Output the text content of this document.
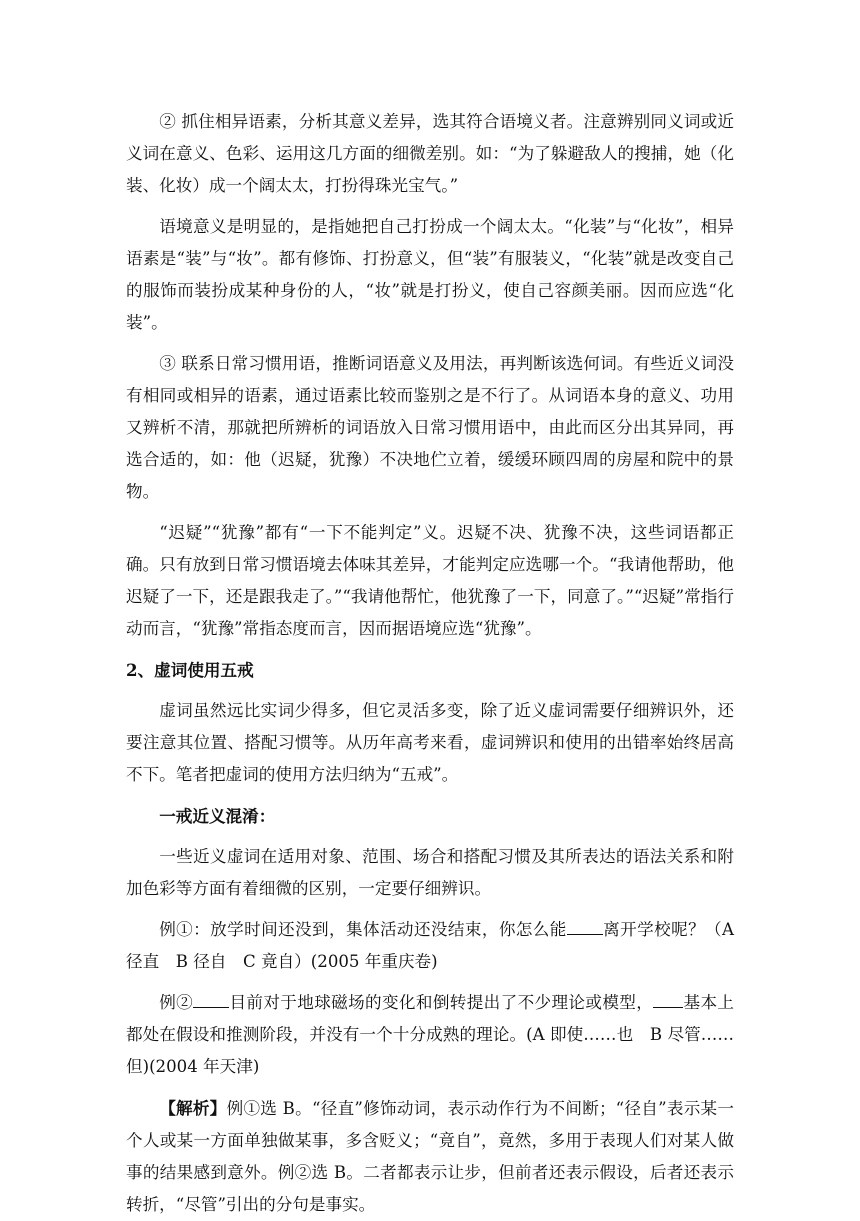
② 抓住相异语素，分析其意义差异，选其符合语境义者。注意辨别同义词或近义词在意义、色彩、运用这几方面的细微差别。如：“为了躲避敌人的搜捕，她（化装、化妆）成一个阔太太，打扮得珠光宝气。”

语境意义是明显的，是指她把自己打扮成一个阔太太。“化装”与“化妆”，相异语素是“装”与“妆”。都有修饰、打扮意义，但“装”有服装义，“化装”就是改变自己的服饰而装扮成某种身份的人，“妆”就是打扮义，使自己容颜美丽。因而应选“化装”。

③ 联系日常习惯用语，推断词语意义及用法，再判断该选何词。有些近义词没有相同或相异的语素，通过语素比较而鉴别之是不行了。从词语本身的意义、功用又辨析不清，那就把所辨析的词语放入日常习惯用语中，由此而区分出其异同，再选合适的，如：他（迟疑，犹豫）不决地伫立着，缓缓环顾四周的房屋和院中的景物。

“迟疑”“犹豫”都有“一下不能判定”义。迟疑不决、犹豫不决，这些词语都正确。只有放到日常习惯语境去体味其差异，才能判定应选哪一个。“我请他帮助，他迟疑了一下，还是跟我走了。”“我请他帮忙，他犹豫了一下，同意了。”“迟疑”常指行动而言，“犹豫”常指态度而言，因而据语境应选“犹豫”。

2、虚词使用五戒

虚词虽然远比实词少得多，但它灵活多变，除了近义虚词需要仔细辨识外，还要注意其位置、搭配习惯等。从历年高考来看，虚词辨识和使用的出错率始终居高不下。笔者把虚词的使用方法归纳为“五戒”。

一戒近义混淆：

一些近义虚词在适用对象、范围、场合和搭配习惯及其所表达的语法关系和附加色彩等方面有着细微的区别，一定要仔细辨识。

例①：放学时间还没到，集体活动还没结束，你怎么能 离开学校呢？（A 径直　B 径自　C 竟自）(2005 年重庆卷)

例② 目前对于地球磁场的变化和倒转提出了不少理论或模型， 基本上都处在假设和推测阶段，并没有一个十分成熟的理论。(A 即使……也　B 尽管……但)(2004 年天津)

【解析】例①选 B。“径直”修饰动词，表示动作行为不间断；“径自”表示某一个人或某一方面单独做某事，多含贬义；“竟自”，竟然，多用于表现人们对某人做事的结果感到意外。例②选 B。二者都表示让步，但前者还表示假设，后者还表示转折，“尽管”引出的分句是事实。
